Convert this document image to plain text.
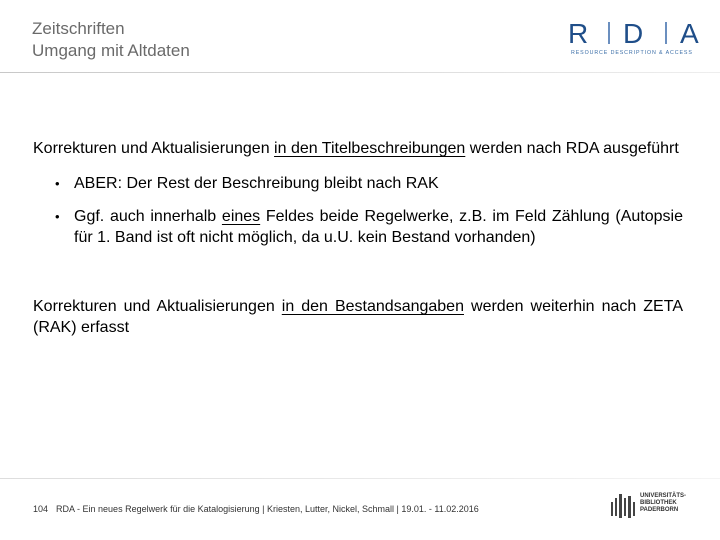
Zeitschriften
Umgang mit Altdaten
R D A
RESOURCE DESCRIPTION & ACCESS

Korrekturen und Aktualisierungen in den Titelbeschreibungen werden nach RDA ausgeführt

• ABER: Der Rest der Beschreibung bleibt nach RAK
• Ggf. auch innerhalb eines Feldes beide Regelwerke, z.B. im Feld Zählung (Autopsie für 1. Band ist oft nicht möglich, da u.U. kein Bestand vorhanden)

Korrekturen und Aktualisierungen in den Bestandsangaben werden weiterhin nach ZETA (RAK) erfasst

104 RDA - Ein neues Regelwerk für die Katalogisierung | Kriesten, Lutter, Nickel, Schmall | 19.01. - 11.02.2016
UNIVERSITÄTS-
BIBLIOTHEK
PADERBORN
